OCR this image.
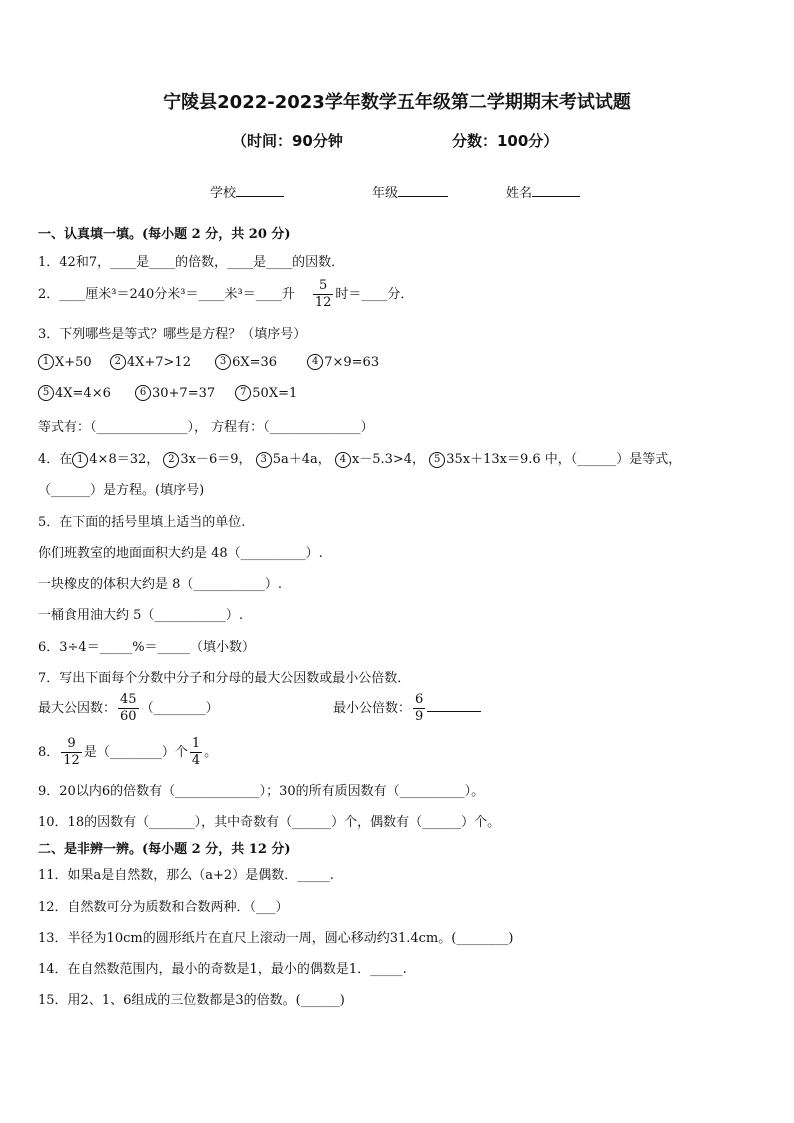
宁陵县2022-2023学年数学五年级第二学期期末考试试题
（时间：90分钟	分数：100分）
学校	年级	姓名
一、认真填一填。(每小题 2 分，共 20 分)
1．42和7，____是____的倍数，____是____的因数．
2．____厘米³＝240分米³＝____米³＝____升 $\frac{5}{12}$ 时＝____分．
3．下列哪些是等式？哪些是方程？（填序号）
1 X+50 2 4X+7>12	3 6X=36	4 7×9=63
5 4X=4×6	6 30+7=37 7 50X=1
等式有：（______________）， 方程有：（______________）
4．在 1 4×8＝32， 2 3x－6＝9， 3 5a＋4a， 4 x－5.3>4， 5 35x＋13x＝9.6 中，（______）是等式，
（______）是方程。(填序号)
5．在下面的括号里填上适当的单位.
你们班教室的地面面积大约是 48（__________）.
一块橡皮的体积大约是 8（___________）.
一桶食用油大约 5（___________）.
6．3÷4＝_____%＝_____（填小数）
7．写出下面每个分数中分子和分母的最大公因数或最小公倍数．
最大公因数： $\frac{45}{60}$ （________）	最小公倍数： $\frac{6}{9}$
8． $\frac{9}{12}$ 是（________）个 $\frac{1}{4}$ 。
9．20以内6的倍数有（_____________）；30的所有质因数有（__________）。
10．18的因数有（_______），其中奇数有（______）个，偶数有（______）个。
二、是非辨一辨。(每小题 2 分，共 12 分)
11．如果a是自然数，那么（a+2）是偶数．_____.
12．自然数可分为质数和合数两种．（___）
13．半径为10cm的圆形纸片在直尺上滚动一周，圆心移动约31.4cm。(________)
14．在自然数范围内，最小的奇数是1，最小的偶数是1．_____.
15．用2、1、6组成的三位数都是3的倍数。(______)
